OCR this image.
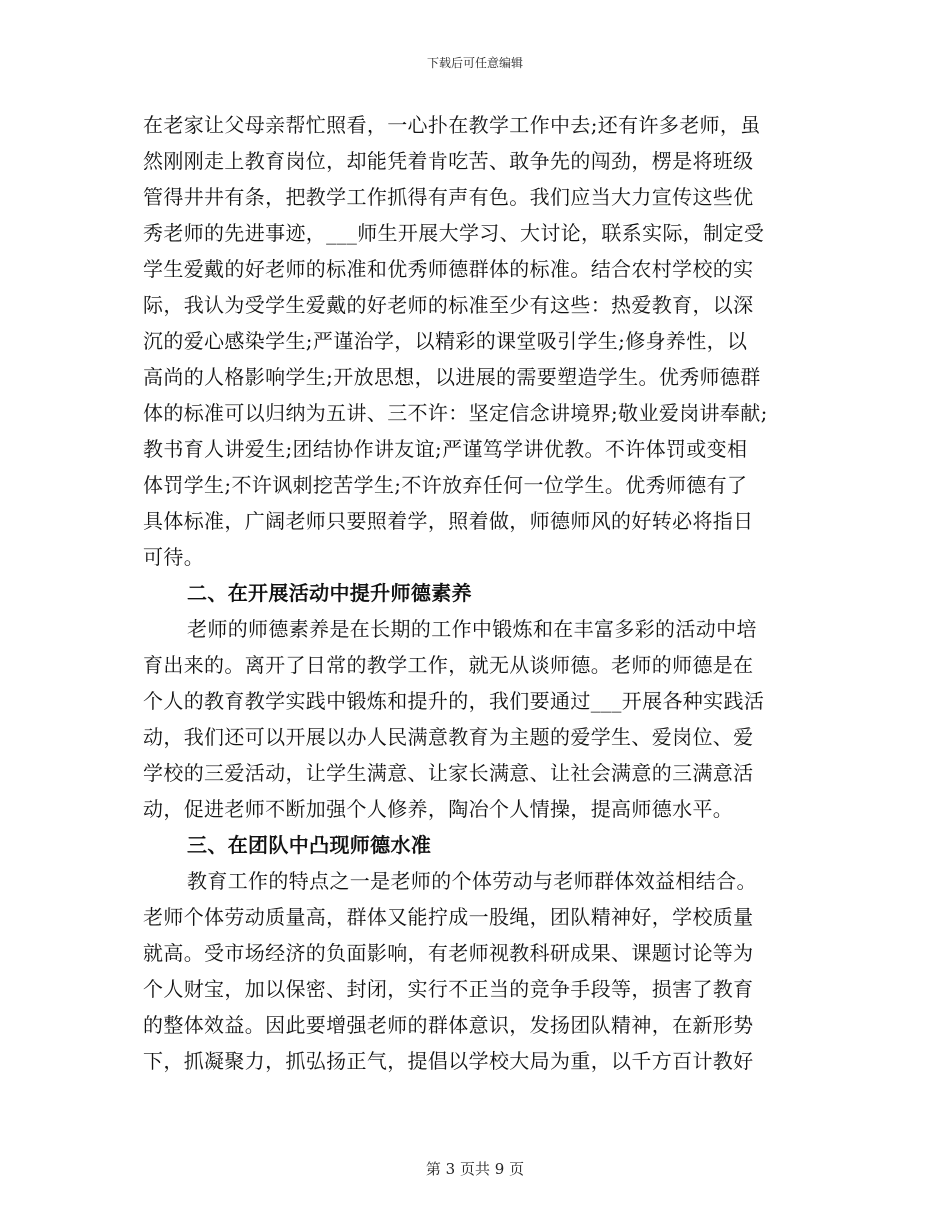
下载后可任意编辑
在老家让父母亲帮忙照看，一心扑在教学工作中去;还有许多老师，虽
然刚刚走上教育岗位，却能凭着肯吃苦、敢争先的闯劲，楞是将班级
管得井井有条，把教学工作抓得有声有色。我们应当大力宣传这些优
秀老师的先进事迹，___师生开展大学习、大讨论，联系实际，制定受
学生爱戴的好老师的标准和优秀师德群体的标准。结合农村学校的实
际，我认为受学生爱戴的好老师的标准至少有这些：热爱教育，以深
沉的爱心感染学生;严谨治学，以精彩的课堂吸引学生;修身养性，以
高尚的人格影响学生;开放思想，以进展的需要塑造学生。优秀师德群
体的标准可以归纳为五讲、三不许：坚定信念讲境界;敬业爱岗讲奉献;
教书育人讲爱生;团结协作讲友谊;严谨笃学讲优教。不许体罚或变相
体罚学生;不许讽刺挖苦学生;不许放弃任何一位学生。优秀师德有了
具体标准，广阔老师只要照着学，照着做，师德师风的好转必将指日
可待。
二、在开展活动中提升师德素养
老师的师德素养是在长期的工作中锻炼和在丰富多彩的活动中培
育出来的。离开了日常的教学工作，就无从谈师德。老师的师德是在
个人的教育教学实践中锻炼和提升的，我们要通过___开展各种实践活
动，我们还可以开展以办人民满意教育为主题的爱学生、爱岗位、爱
学校的三爱活动，让学生满意、让家长满意、让社会满意的三满意活
动，促进老师不断加强个人修养，陶冶个人情操，提高师德水平。
三、在团队中凸现师德水准
教育工作的特点之一是老师的个体劳动与老师群体效益相结合。
老师个体劳动质量高，群体又能拧成一股绳，团队精神好，学校质量
就高。受市场经济的负面影响，有老师视教科研成果、课题讨论等为
个人财宝，加以保密、封闭，实行不正当的竞争手段等，损害了教育
的整体效益。因此要增强老师的群体意识，发扬团队精神，在新形势
下，抓凝聚力，抓弘扬正气，提倡以学校大局为重，以千方百计教好
第 3 页共 9 页
